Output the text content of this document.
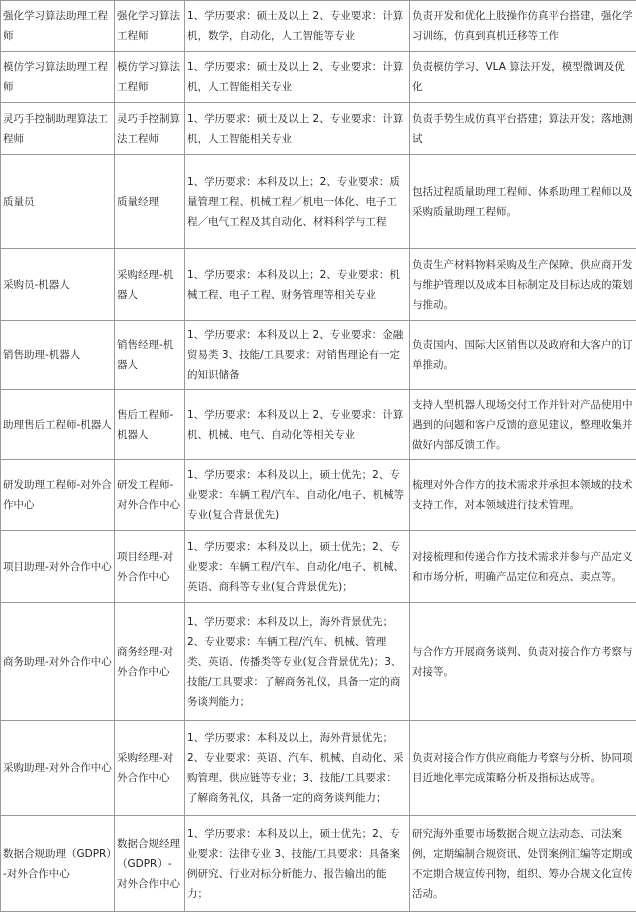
强化学习算法助理工程师	强化学习算法工程师	1、学历要求：硕士及以上 2、专业要求：计算机，数学，自动化，人工智能等专业	负责开发和优化上肢操作仿真平台搭建，强化学习训练，仿真到真机迁移等工作
模仿学习算法助理工程师	模仿学习算法工程师	1、学历要求：硕士及以上 2、专业要求：计算机，人工智能相关专业	负责模仿学习、VLA 算法开发，模型微调及优化
灵巧手控制助理算法工程师	灵巧手控制算法工程师	1、学历要求：硕士及以上 2、专业要求：计算机，人工智能相关专业	负责手势生成仿真平台搭建；算法开发；落地测试
质量员	质量经理	1、学历要求：本科及以上；2、专业要求：质量管理工程、机械工程／机电一体化、电子工程／电气工程及其自动化、材料科学与工程	包括过程质量助理工程师、体系助理工程师以及采购质量助理工程师。
采购员-机器人	采购经理-机器人	1、学历要求：本科及以上；2、专业要求：机械工程、电子工程、财务管理等相关专业	负责生产材料物料采购及生产保障、供应商开发与维护管理以及成本目标制定及目标达成的策划与推动。
销售助理-机器人	销售经理-机器人	1、学历要求：本科及以上 2、专业要求：金融贸易类 3、技能/工具要求：对销售理论有一定的知识储备	负责国内、国际大区销售以及政府和大客户的订单推动。
助理售后工程师-机器人	售后工程师-机器人	1、学历要求：本科及以上 2、专业要求：计算机、机械、电气、自动化等相关专业	支持人型机器人现场交付工作并针对产品使用中遇到的问题和客户反馈的意见建议，整理收集并做好内部反馈工作。
研发助理工程师-对外合作中心	研发工程师-对外合作中心	1、学历要求：本科及以上，硕士优先；2、专业要求：车辆工程/汽车、自动化/电子、机械等专业(复合背景优先)	梳理对外合作方的技术需求并承担本领域的技术支持工作，对本领域进行技术管理。
项目助理-对外合作中心	项目经理-对外合作中心	1、学历要求：本科及以上，硕士优先；2、专业要求：车辆工程/汽车、自动化/电子、机械、英语、商科等专业(复合背景优先)；	对接梳理和传递合作方技术需求并参与产品定义和市场分析，明确产品定位和亮点、卖点等。
商务助理-对外合作中心	商务经理-对外合作中心	1、学历要求：本科及以上，海外背景优先；2、专业要求：车辆工程/汽车、机械、管理类、英语、传播类等专业(复合背景优先)；3、技能/工具要求：了解商务礼仪，具备一定的商务谈判能力；	与合作方开展商务谈判、负责对接合作方考察与对接等。
采购助理-对外合作中心	采购经理-对外合作中心	1、学历要求：本科及以上，海外背景优先；2、专业要求：英语、汽车、机械、自动化、采购管理、供应链等专业；3、技能/工具要求：了解商务礼仪，具备一定的商务谈判能力；	负责对接合作方供应商能力考察与分析、协同项目近地化率完成策略分析及指标达成等。
数据合规助理（GDPR）-对外合作中心	数据合规经理（GDPR）-对外合作中心	1、学历要求：本科及以上，硕士优先；2、专业要求：法律专业 3、技能/工具要求：具备案例研究、行业对标分析能力、报告输出的能力；	研究海外重要市场数据合规立法动态、司法案例，定期编制合规资讯、处罚案例汇编等定期或不定期合规宣传刊物，组织、筹办合规文化宣传活动。
